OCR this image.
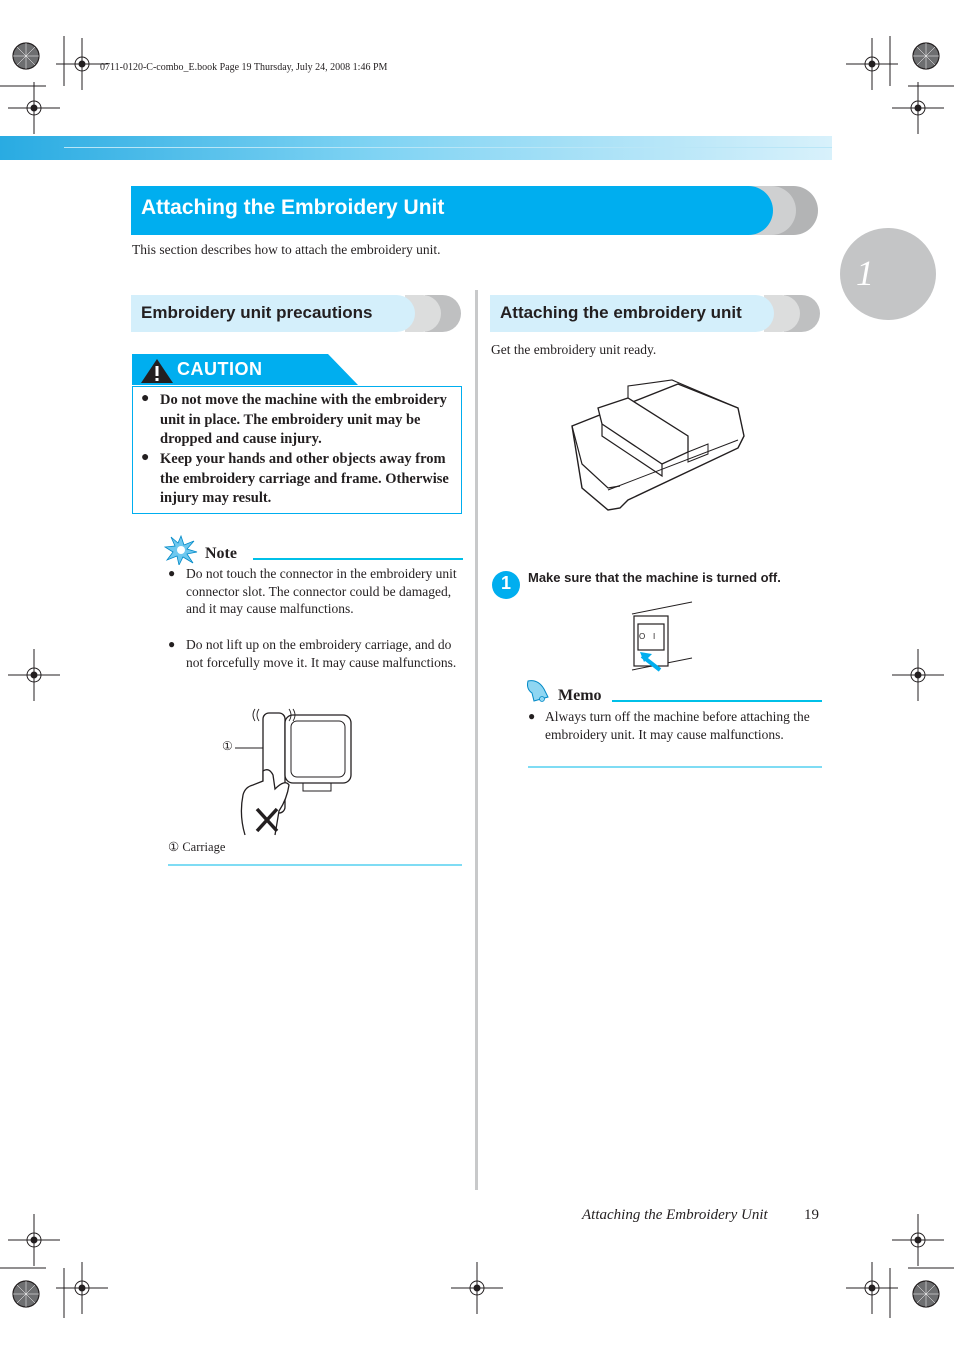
0711-0120-C-combo_E.book Page 19 Thursday, July 24, 2008 1:46 PM
1
Attaching the Embroidery Unit
This section describes how to attach the embroidery unit.
Embroidery unit precautions	Attaching the embroidery unit
CAUTION
● Do not move the machine with the embroidery unit in place. The embroidery unit may be dropped and cause injury.
● Keep your hands and other objects away from the embroidery carriage and frame. Otherwise injury may result.
Note
● Do not touch the connector in the embroidery unit connector slot. The connector could be damaged, and it may cause malfunctions.
● Do not lift up on the embroidery carriage, and do not forcefully move it. It may cause malfunctions.
①
① Carriage
Get the embroidery unit ready.
1	Make sure that the machine is turned off.
O I
Memo
● Always turn off the machine before attaching the embroidery unit. It may cause malfunctions.
Attaching the Embroidery Unit 19
